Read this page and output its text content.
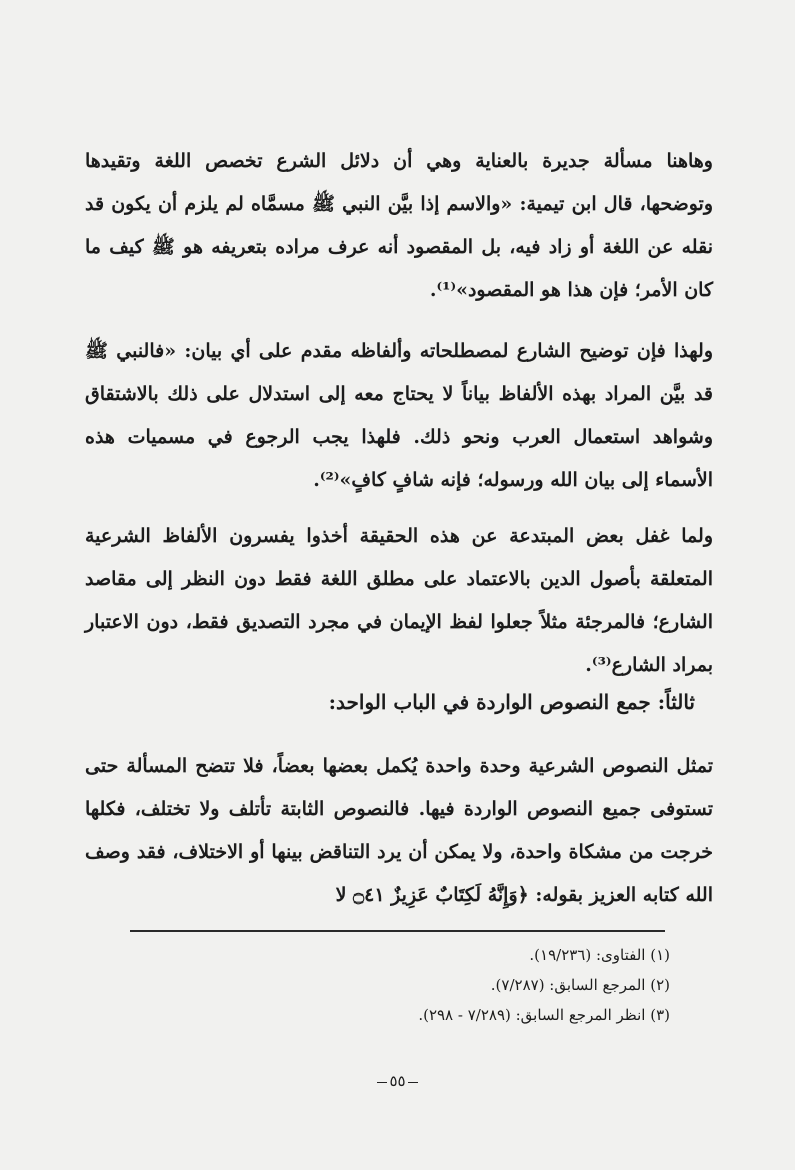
وهاهنا مسألة جديرة بالعناية وهي أن دلائل الشرع تخصص اللغة وتقيدها وتوضحها، قال ابن تيمية: «والاسم إذا بيَّن النبي ﷺ مسمَّاه لم يلزم أن يكون قد نقله عن اللغة أو زاد فيه، بل المقصود أنه عرف مراده بتعريفه هو ﷺ كيف ما كان الأمر؛ فإن هذا هو المقصود»⁽¹⁾.

ولهذا فإن توضيح الشارع لمصطلحاته وألفاظه مقدم على أي بيان: «فالنبي ﷺ قد بيَّن المراد بهذه الألفاظ بياناً لا يحتاج معه إلى استدلال على ذلك بالاشتقاق وشواهد استعمال العرب ونحو ذلك. فلهذا يجب الرجوع في مسميات هذه الأسماء إلى بيان الله ورسوله؛ فإنه شافٍ كافٍ»⁽²⁾.

ولما غفل بعض المبتدعة عن هذه الحقيقة أخذوا يفسرون الألفاظ الشرعية المتعلقة بأصول الدين بالاعتماد على مطلق اللغة فقط دون النظر إلى مقاصد الشارع؛ فالمرجئة مثلاً جعلوا لفظ الإيمان في مجرد التصديق فقط، دون الاعتبار بمراد الشارع⁽³⁾.

ثالثاً: جمع النصوص الواردة في الباب الواحد:

تمثل النصوص الشرعية وحدة واحدة يُكمل بعضها بعضاً، فلا تتضح المسألة حتى تستوفى جميع النصوص الواردة فيها. فالنصوص الثابتة تأتلف ولا تختلف، فكلها خرجت من مشكاة واحدة، ولا يمكن أن يرد التناقض بينها أو الاختلاف، فقد وصف الله كتابه العزيز بقوله: ﴿وَإِنَّهُ لَكِتَابٌ عَزِيزٌ ۝٤١ لا

(١) الفتاوى: (١٩/٢٣٦).
(٢) المرجع السابق: (٧/٢٨٧).
(٣) انظر المرجع السابق: (٧/٢٨٩ - ٢٩٨).
٥٥
